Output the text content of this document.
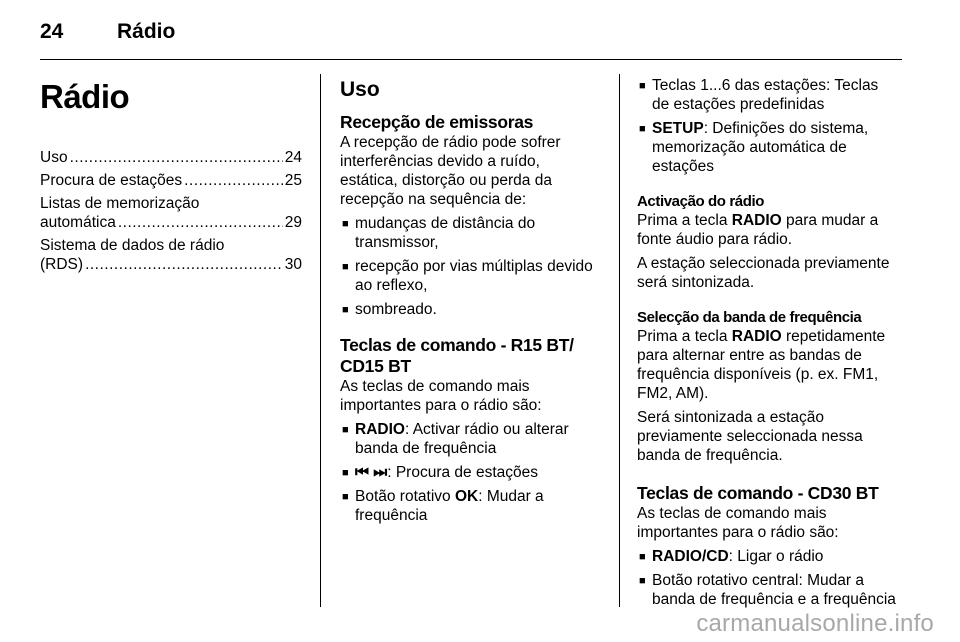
24	Rádio
Rádio
Uso .....	24
Procura de estações .....	25
Listas de memorização
automática .....	29
Sistema de dados de rádio
(RDS) .....	30
Uso
Recepção de emissoras

A recepção de rádio pode sofrer
interferências devido a ruído,
estática, distorção ou perda da
recepção na sequência de:

■ mudanças de distância do
transmissor,
■ recepção por vias múltiplas devido
ao reflexo,
■ sombreado.
Teclas de comando - R15 BT/
CD15 BT

As teclas de comando mais
importantes para o rádio são:

■ RADIO: Activar rádio ou alterar
banda de frequência
■ ⏮ ⏭: Procura de estações
■ Botão rotativo OK: Mudar a
frequência
■ Teclas 1...6 das estações: Teclas
de estações predefinidas
■ SETUP: Definições do sistema,
memorização automática de
estações
Activação do rádio

Prima a tecla RADIO para mudar a
fonte áudio para rádio.

A estação seleccionada previamente
será sintonizada.

Selecção da banda de frequência

Prima a tecla RADIO repetidamente
para alternar entre as bandas de
frequência disponíveis (p. ex. FM1,
FM2, AM).

Será sintonizada a estação
previamente seleccionada nessa
banda de frequência.

Teclas de comando - CD30 BT

As teclas de comando mais
importantes para o rádio são:

■ RADIO/CD: Ligar o rádio
■ Botão rotativo central: Mudar a
banda de frequência e a frequência
carmanualsonline.info
